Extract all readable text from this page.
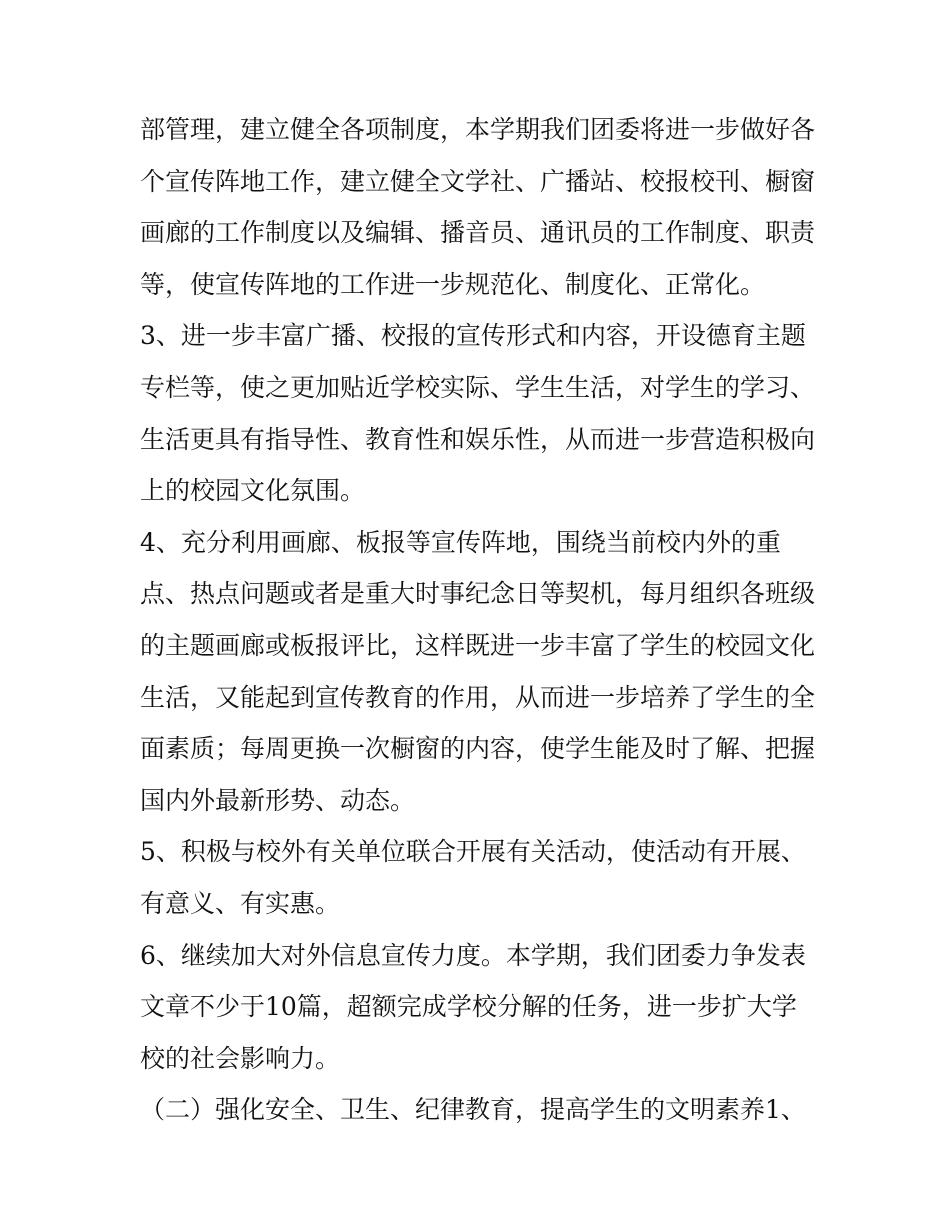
部管理，建立健全各项制度，本学期我们团委将进一步做好各

个宣传阵地工作，建立健全文学社、广播站、校报校刊、橱窗

画廊的工作制度以及编辑、播音员、通讯员的工作制度、职责

等，使宣传阵地的工作进一步规范化、制度化、正常化。

3、进一步丰富广播、校报的宣传形式和内容，开设德育主题

专栏等，使之更加贴近学校实际、学生生活，对学生的学习、

生活更具有指导性、教育性和娱乐性，从而进一步营造积极向

上的校园文化氛围。

4、充分利用画廊、板报等宣传阵地，围绕当前校内外的重

点、热点问题或者是重大时事纪念日等契机，每月组织各班级

的主题画廊或板报评比，这样既进一步丰富了学生的校园文化

生活，又能起到宣传教育的作用，从而进一步培养了学生的全

面素质；每周更换一次橱窗的内容，使学生能及时了解、把握

国内外最新形势、动态。

5、积极与校外有关单位联合开展有关活动，使活动有开展、

有意义、有实惠。

6、继续加大对外信息宣传力度。本学期，我们团委力争发表

文章不少于10篇，超额完成学校分解的任务，进一步扩大学

校的社会影响力。

（二）强化安全、卫生、纪律教育，提高学生的文明素养1、
